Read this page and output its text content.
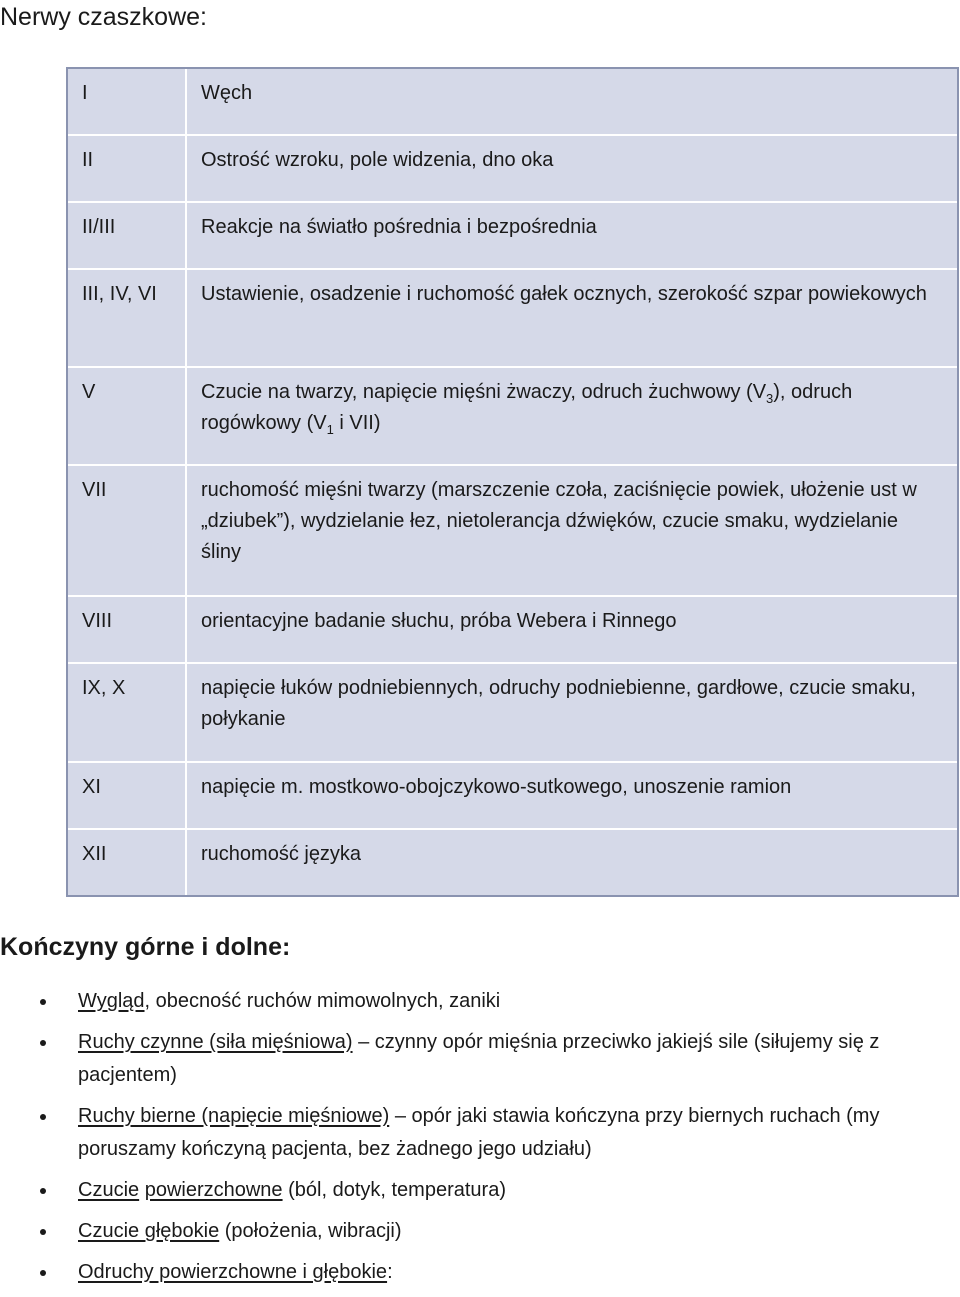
Nerwy czaszkowe:
I	Węch
II	Ostrość wzroku, pole widzenia, dno oka
II/III	Reakcje na światło pośrednia i bezpośrednia
III, IV, VI	Ustawienie, osadzenie i ruchomość gałek ocznych, szerokość szpar powiekowych
V	Czucie na twarzy, napięcie mięśni żwaczy, odruch żuchwowy $(V_3)$, odruch rogówkowy ($V_1$ i VII)
VII	ruchomość mięśni twarzy (marszczenie czoła, zaciśnięcie powiek, ułożenie ust w „dziubek”), wydzielanie łez, nietolerancja dźwięków, czucie smaku, wydzielanie śliny
VIII	orientacyjne badanie słuchu, próba Webera i Rinnego
IX, X	napięcie łuków podniebiennych, odruchy podniebienne, gardłowe, czucie smaku, połykanie
XI	napięcie m. mostkowo-obojczykowo-sutkowego, unoszenie ramion
XII	ruchomość języka
Kończyny górne i dolne:
Wygląd, obecność ruchów mimowolnych, zaniki
Ruchy czynne (siła mięśniowa) – czynny opór mięśnia przeciwko jakiejś sile (siłujemy się z pacjentem)
Ruchy bierne (napięcie mięśniowe) – opór jaki stawia kończyna przy biernych ruchach (my poruszamy kończyną pacjenta, bez żadnego jego udziału)
Czucie powierzchowne (ból, dotyk, temperatura)
Czucie głębokie (położenia, wibracji)
Odruchy powierzchowne i głębokie:
